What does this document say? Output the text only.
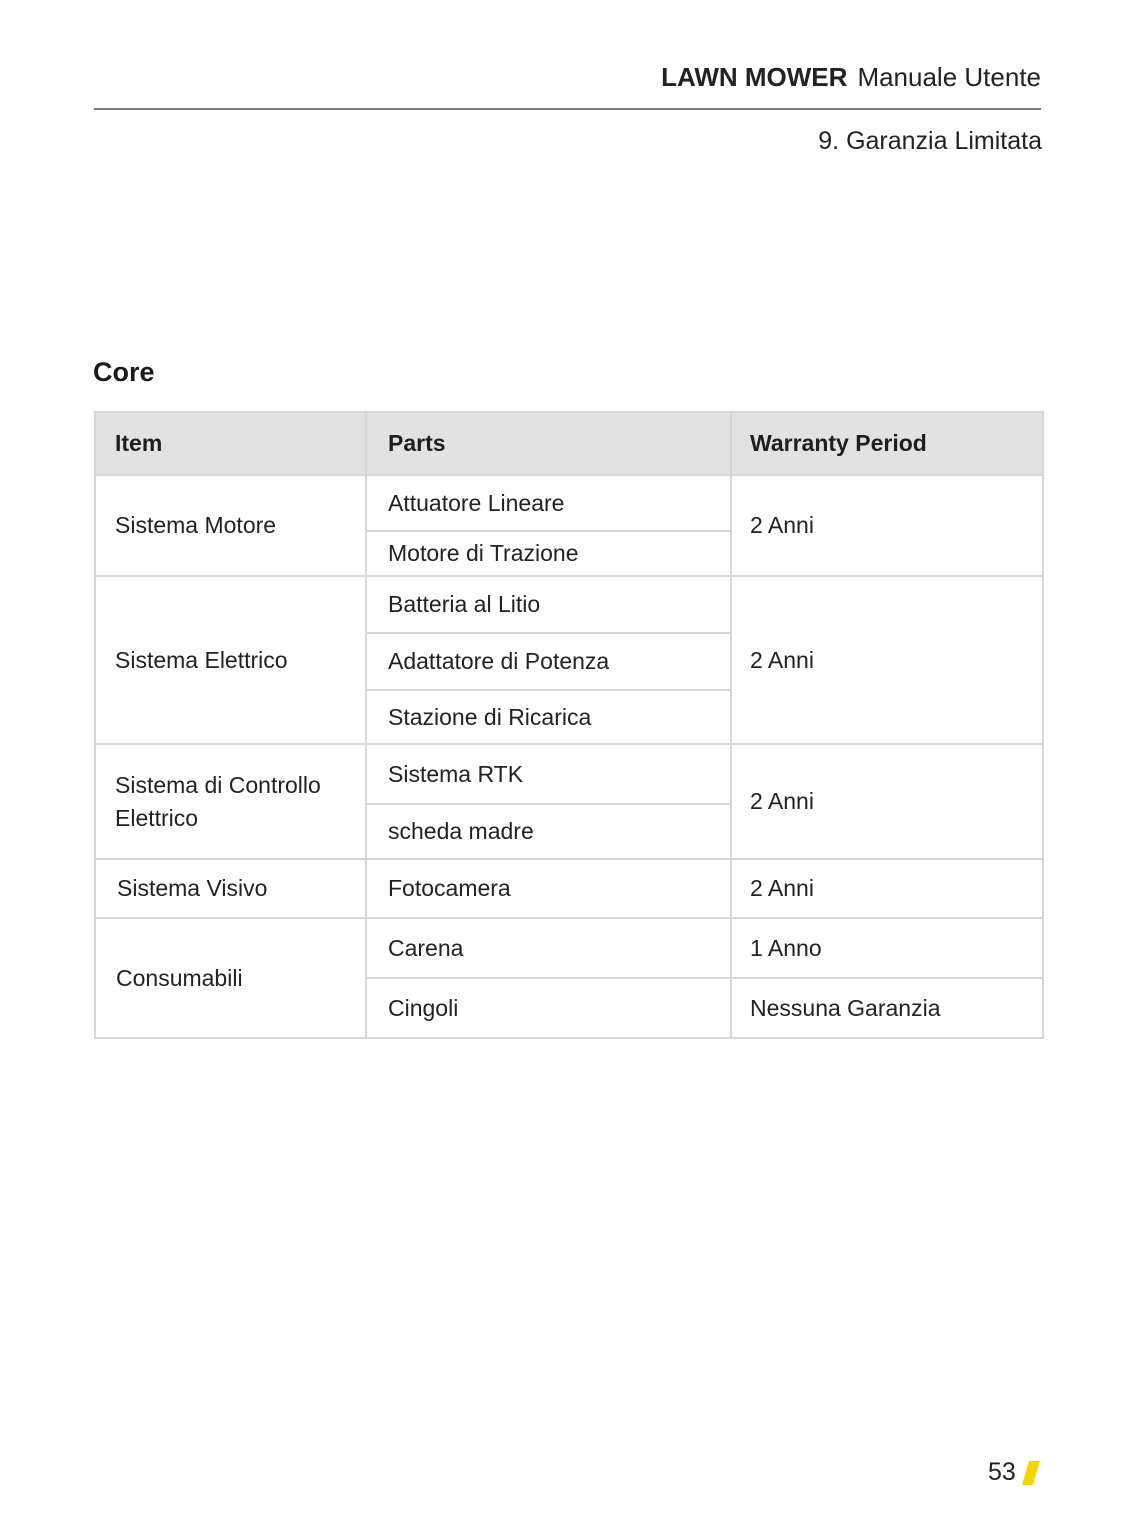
LAWN MOWER Manuale Utente
9. Garanzia Limitata
Core
Item	Parts	Warranty Period
Sistema Motore	Attuatore Lineare	2 Anni
	Motore di Trazione	
Sistema Elettrico	Batteria al Litio	2 Anni
	Adattatore di Potenza	
	Stazione di Ricarica	
Sistema di Controllo Elettrico	Sistema RTK	2 Anni
	scheda madre	
Sistema Visivo	Fotocamera	2 Anni
Consumabili	Carena	1 Anno
	Cingoli	Nessuna Garanzia
53
